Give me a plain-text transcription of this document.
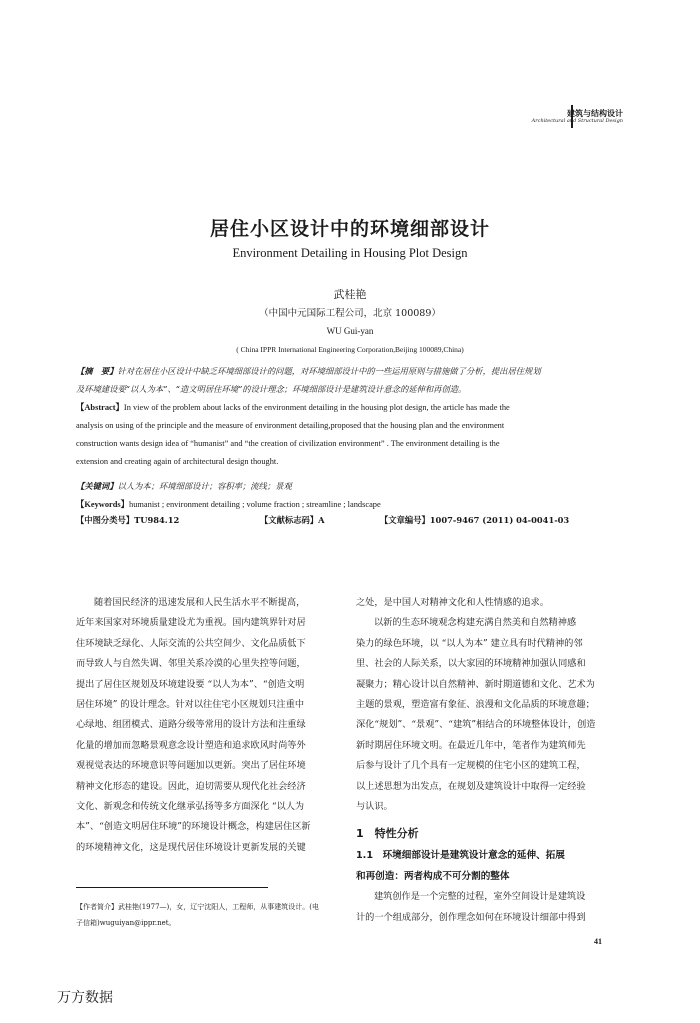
建筑与结构设计
Architectural and Structural Design
居住小区设计中的环境细部设计
Environment Detailing in Housing Plot Design
武桂艳
（中国中元国际工程公司，北京 100089）
WU Gui-yan
( China IPPR International Engineering Corporation,Beijing 100089,China)
【摘　要】针对在居住小区设计中缺乏环境细部设计的问题，对环境细部设计中的一些运用原则与措施做了分析，提出居住规划
及环境建设要“以人为本”、“造文明居住环境”的设计理念；环境细部设计是建筑设计意念的延伸和再创造。
【Abstract】In view of the problem about lacks of the environment detailing in the housing plot design, the article has made the
analysis on using of the principle and the measure of environment detailing,proposed that the housing plan and the environment
construction wants design idea of “humanist” and “the creation of civilization environment” . The environment detailing is the
extension and creating again of architectural design thought.
【关键词】以人为本；环境细部设计；容积率；流线；景观
【Keywords】humanist ; environment detailing ; volume fraction ; streamline ; landscape
【中图分类号】TU984.12	【文献标志码】A	【文章编号】1007-9467 (2011) 04-0041-03
随着国民经济的迅速发展和人民生活水平不断提高，
近年来国家对环境质量建设尤为重视。国内建筑界针对居
住环境缺乏绿化、人际交流的公共空间少、文化品质低下
而导致人与自然失调、邻里关系冷漠的心里失控等问题，
提出了居住区规划及环境建设要 “以人为本”、“创造文明
居住环境” 的设计理念。针对以往住宅小区规划只注重中
心绿地、组团模式、道路分级等常用的设计方法和注重绿
化量的增加而忽略景观意念设计塑造和追求欧风时尚等外
观视觉表达的环境意识等问题加以更新。突出了居住环境
精神文化形态的建设。因此，迫切需要从现代化社会经济
文化、新观念和传统文化继承弘扬等多方面深化 “以人为
本”、“创造文明居住环境”的环境设计概念，构建居住区新
的环境精神文化，这是现代居住环境设计更新发展的关键
【作者简介】武桂艳(1977—)，女，辽宁沈阳人，工程师，从事建筑设计。(电
子信箱)wuguiyan@ippr.net。
之处，是中国人对精神文化和人性情感的追求。
以新的生态环境观念构建充满自然美和自然精神感
染力的绿色环境，以 “以人为本” 建立具有时代精神的邻
里、社会的人际关系，以大家园的环境精神加强认同感和
凝聚力；精心设计以自然精神、新时期道德和文化、艺术为
主题的景观，塑造富有象征、浪漫和文化品质的环境意趣；
深化“规划”、“景观”、“建筑”相结合的环境整体设计，创造
新时期居住环境文明。在最近几年中，笔者作为建筑师先
后参与设计了几个具有一定规模的住宅小区的建筑工程，
以上述思想为出发点，在规划及建筑设计中取得一定经验
与认识。
1　特性分析
1.1　环境细部设计是建筑设计意念的延伸、拓展
和再创造：两者构成不可分割的整体
建筑创作是一个完整的过程，室外空间设计是建筑设
计的一个组成部分，创作理念如何在环境设计细部中得到
41
万方数据
